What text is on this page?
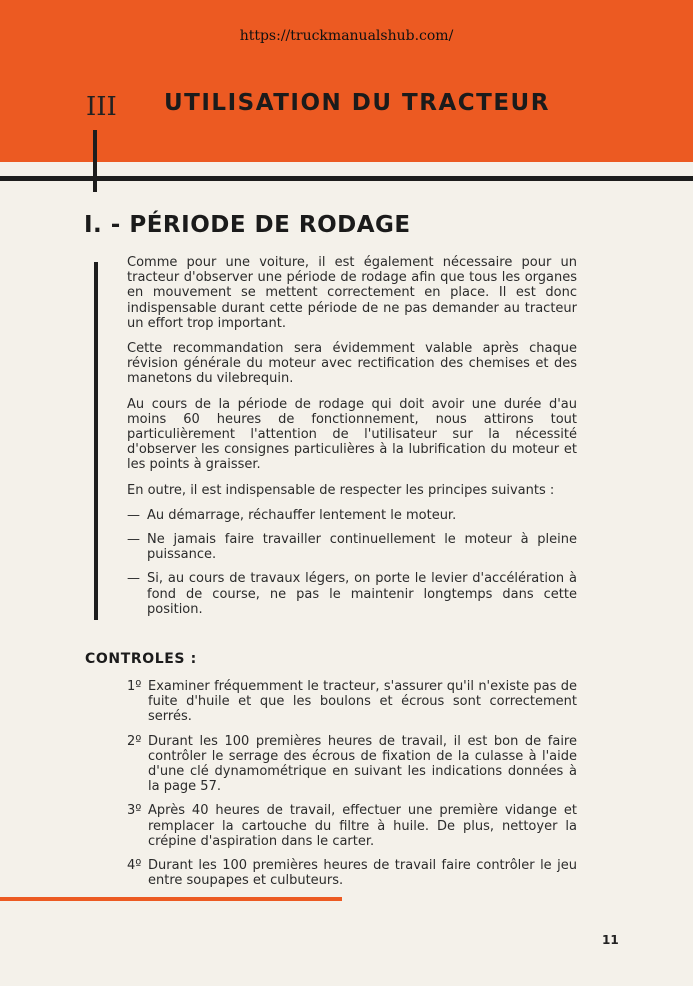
https://truckmanualshub.com/
III UTILISATION DU TRACTEUR
I. - PÉRIODE DE RODAGE

Comme pour une voiture, il est également nécessaire pour un tracteur d'observer une période de rodage afin que tous les organes en mouvement se mettent correctement en place. Il est donc indispensable durant cette période de ne pas demander au tracteur un effort trop important.

Cette recommandation sera évidemment valable après chaque révision générale du moteur avec rectification des chemises et des manetons du vilebrequin.

Au cours de la période de rodage qui doit avoir une durée d'au moins 60 heures de fonctionnement, nous attirons tout particulièrement l'attention de l'utilisateur sur la nécessité d'observer les consignes particulières à la lubrification du moteur et les points à graisser.

En outre, il est indispensable de respecter les principes suivants :

— Au démarrage, réchauffer lentement le moteur.
— Ne jamais faire travailler continuellement le moteur à pleine puissance.
— Si, au cours de travaux légers, on porte le levier d'accélération à fond de course, ne pas le maintenir longtemps dans cette position.
CONTROLES :
1º Examiner fréquemment le tracteur, s'assurer qu'il n'existe pas de fuite d'huile et que les boulons et écrous sont correctement serrés.
2º Durant les 100 premières heures de travail, il est bon de faire contrôler le serrage des écrous de fixation de la culasse à l'aide d'une clé dynamométrique en suivant les indications données à la page 57.
3º Après 40 heures de travail, effectuer une première vidange et remplacer la cartouche du filtre à huile. De plus, nettoyer la crépine d'aspiration dans le carter.
4º Durant les 100 premières heures de travail faire contrôler le jeu entre soupapes et culbuteurs.
11
